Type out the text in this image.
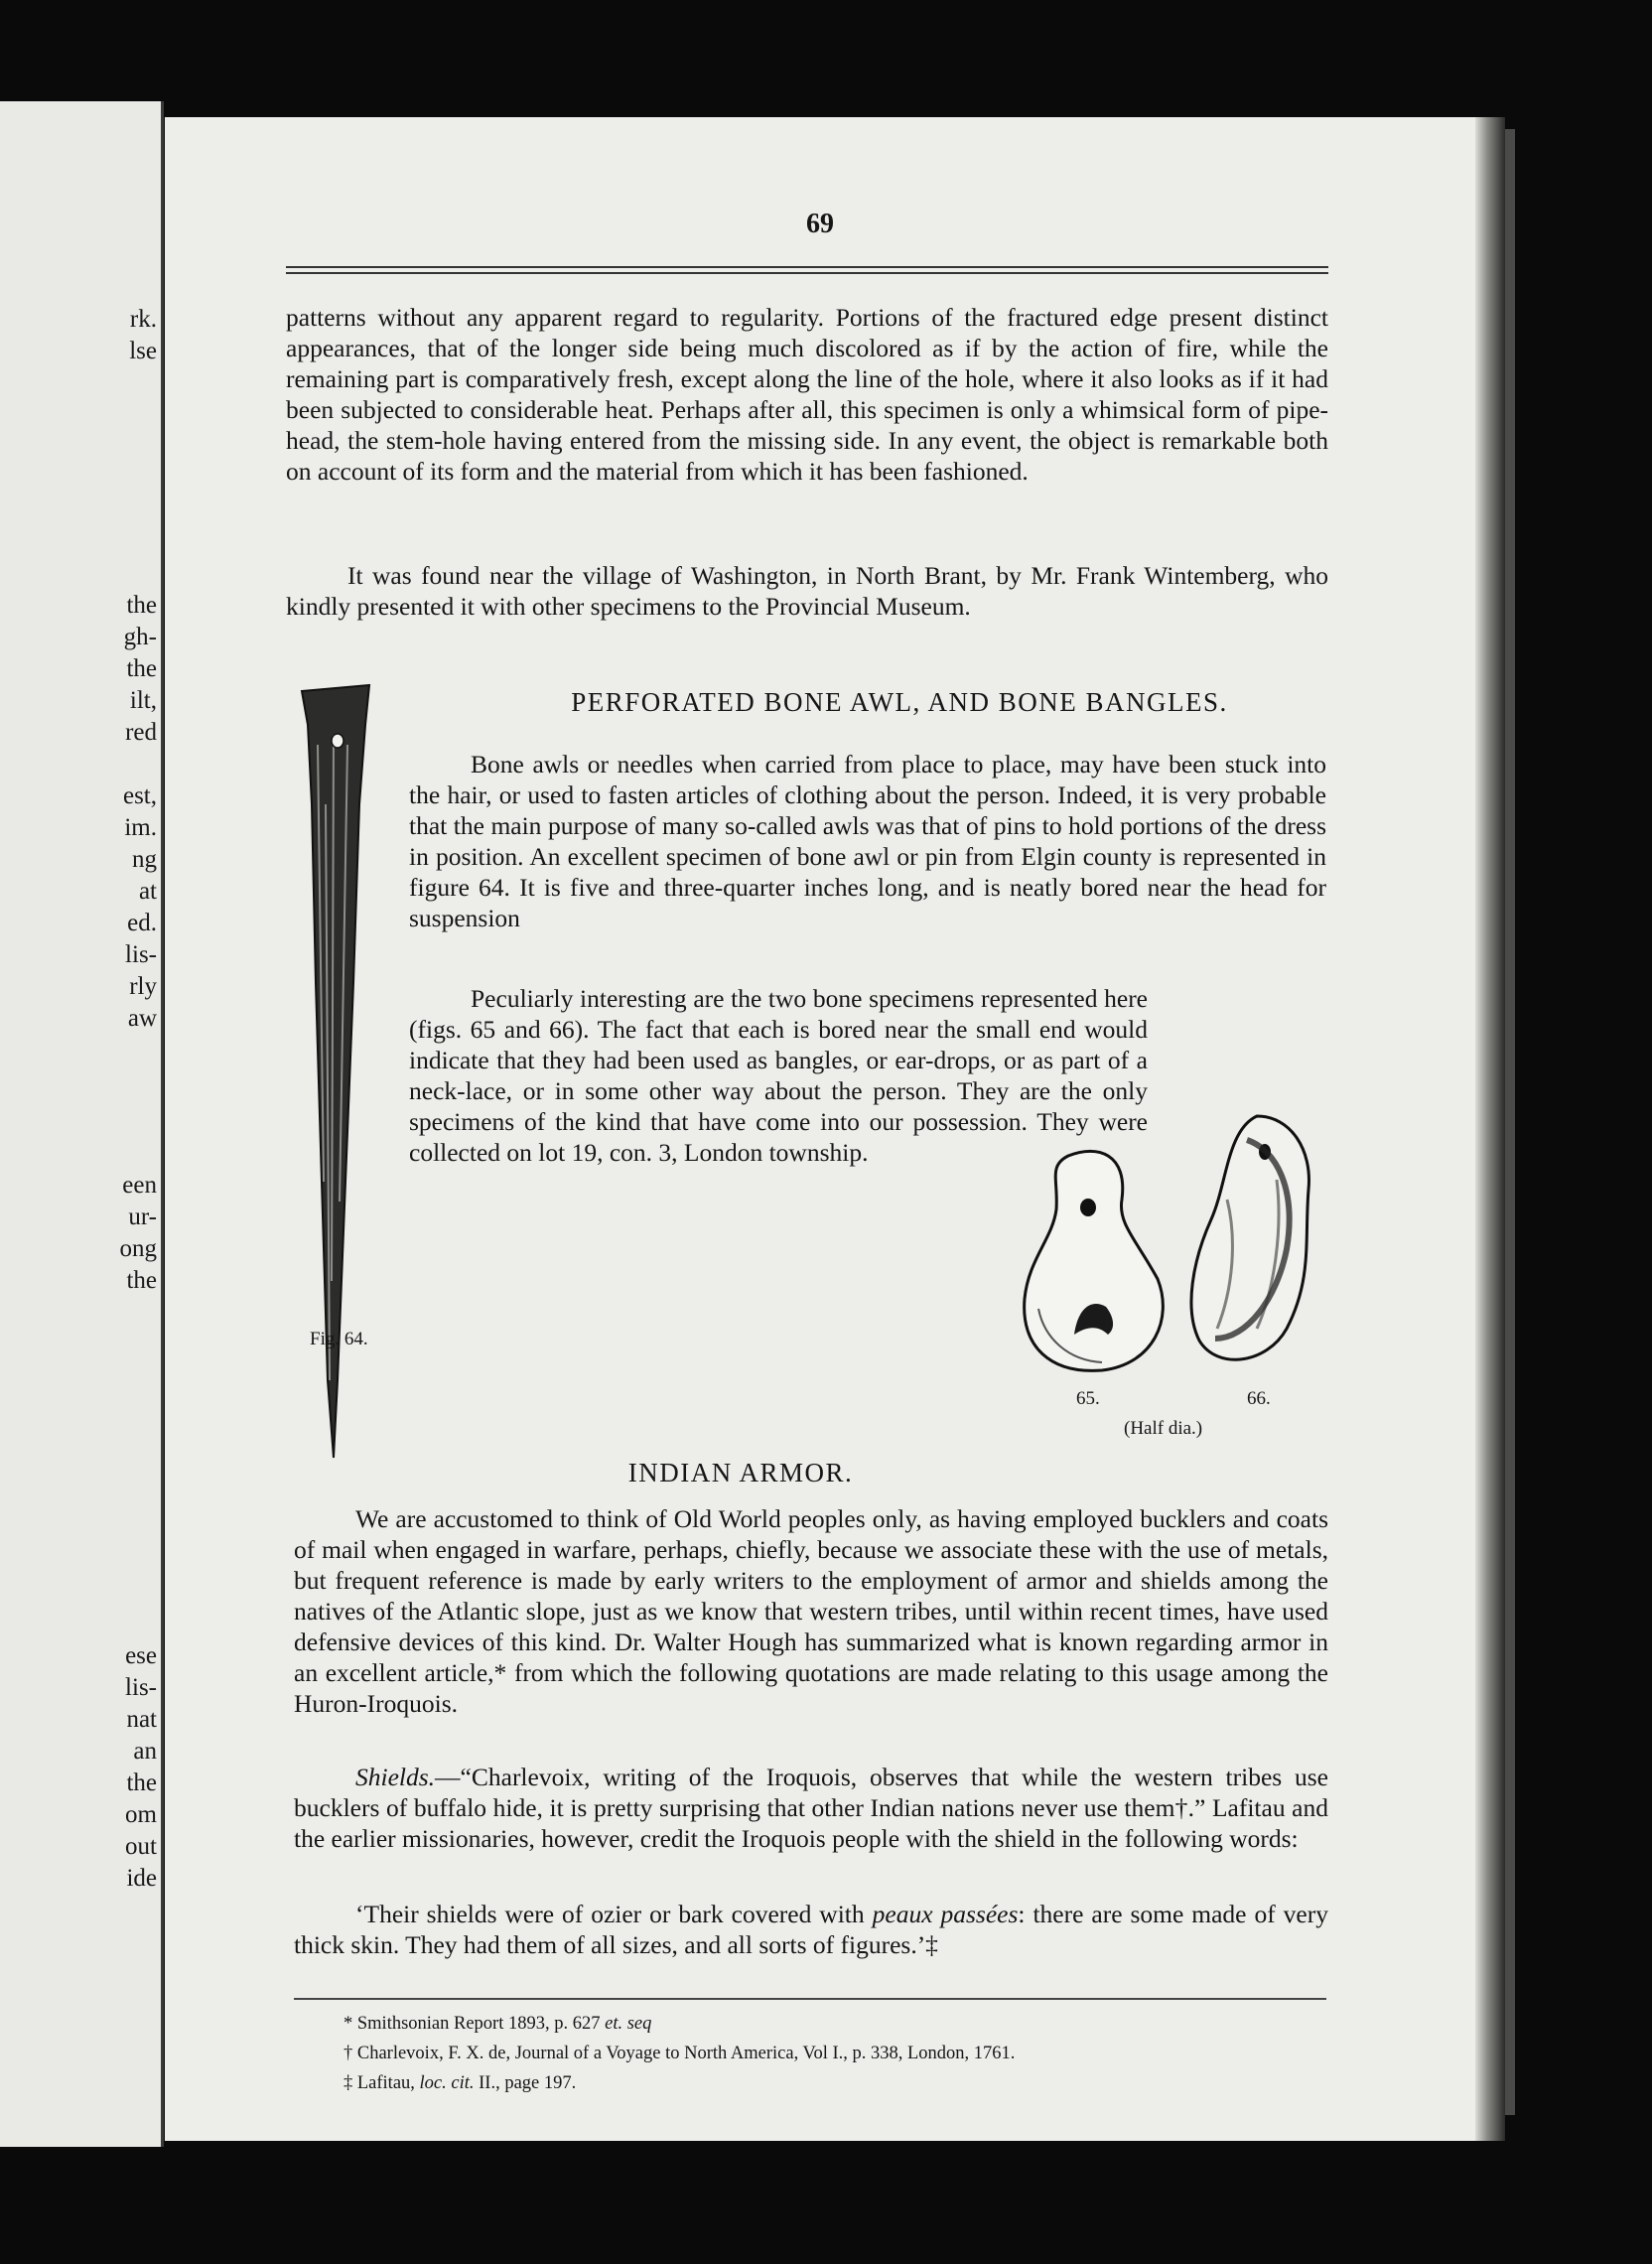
rk.
lse
the
gh-
the
ilt,
red
est,
im.
ng
at
ed.
lis-
rly
aw
een
ur-
ong
the
ese
lis-
nat
an
the
om
out
ide
69

patterns without any apparent regard to regularity. Portions of the fractured edge present distinct appearances, that of the longer side being much discolored as if by the action of fire, while the remaining part is comparatively fresh, except along the line of the hole, where it also looks as if it had been subjected to considerable heat. Perhaps after all, this specimen is only a whimsical form of pipe-head, the stem-hole having entered from the missing side. In any event, the object is remarkable both on account of its form and the material from which it has been fashioned.

It was found near the village of Washington, in North Brant, by Mr. Frank Wintemberg, who kindly presented it with other specimens to the Provincial Museum.

PERFORATED BONE AWL, AND BONE BANGLES.

Bone awls or needles when carried from place to place, may have been stuck into the hair, or used to fasten articles of clothing about the person. Indeed, it is very probable that the main purpose of many so-called awls was that of pins to hold portions of the dress in position. An excellent specimen of bone awl or pin from Elgin county is represented in figure 64. It is five and three-quarter inches long, and is neatly bored near the head for suspension

Peculiarly interesting are the two bone specimens represented here (figs. 65 and 66). The fact that each is bored near the small end would indicate that they had been used as bangles, or ear-drops, or as part of a neck-lace, or in some other way about the person. They are the only specimens of the kind that have come into our possession. They were collected on lot 19, con. 3, London township.

Fig. 64.
65.	66.
(Half dia.)

INDIAN ARMOR.

We are accustomed to think of Old World peoples only, as having employed bucklers and coats of mail when engaged in warfare, perhaps, chiefly, because we associate these with the use of metals, but frequent reference is made by early writers to the employment of armor and shields among the natives of the Atlantic slope, just as we know that western tribes, until within recent times, have used defensive devices of this kind. Dr. Walter Hough has summarized what is known regarding armor in an excellent article,* from which the following quotations are made relating to this usage among the Huron-Iroquois.

Shields.—“Charlevoix, writing of the Iroquois, observes that while the western tribes use bucklers of buffalo hide, it is pretty surprising that other Indian nations never use them†.” Lafitau and the earlier missionaries, however, credit the Iroquois people with the shield in the following words:

‘Their shields were of ozier or bark covered with peaux passées: there are some made of very thick skin. They had them of all sizes, and all sorts of figures.’‡

* Smithsonian Report 1893, p. 627 et. seq

† Charlevoix, F. X. de, Journal of a Voyage to North America, Vol I., p. 338, London, 1761.

‡ Lafitau, loc. cit. II., page 197.
